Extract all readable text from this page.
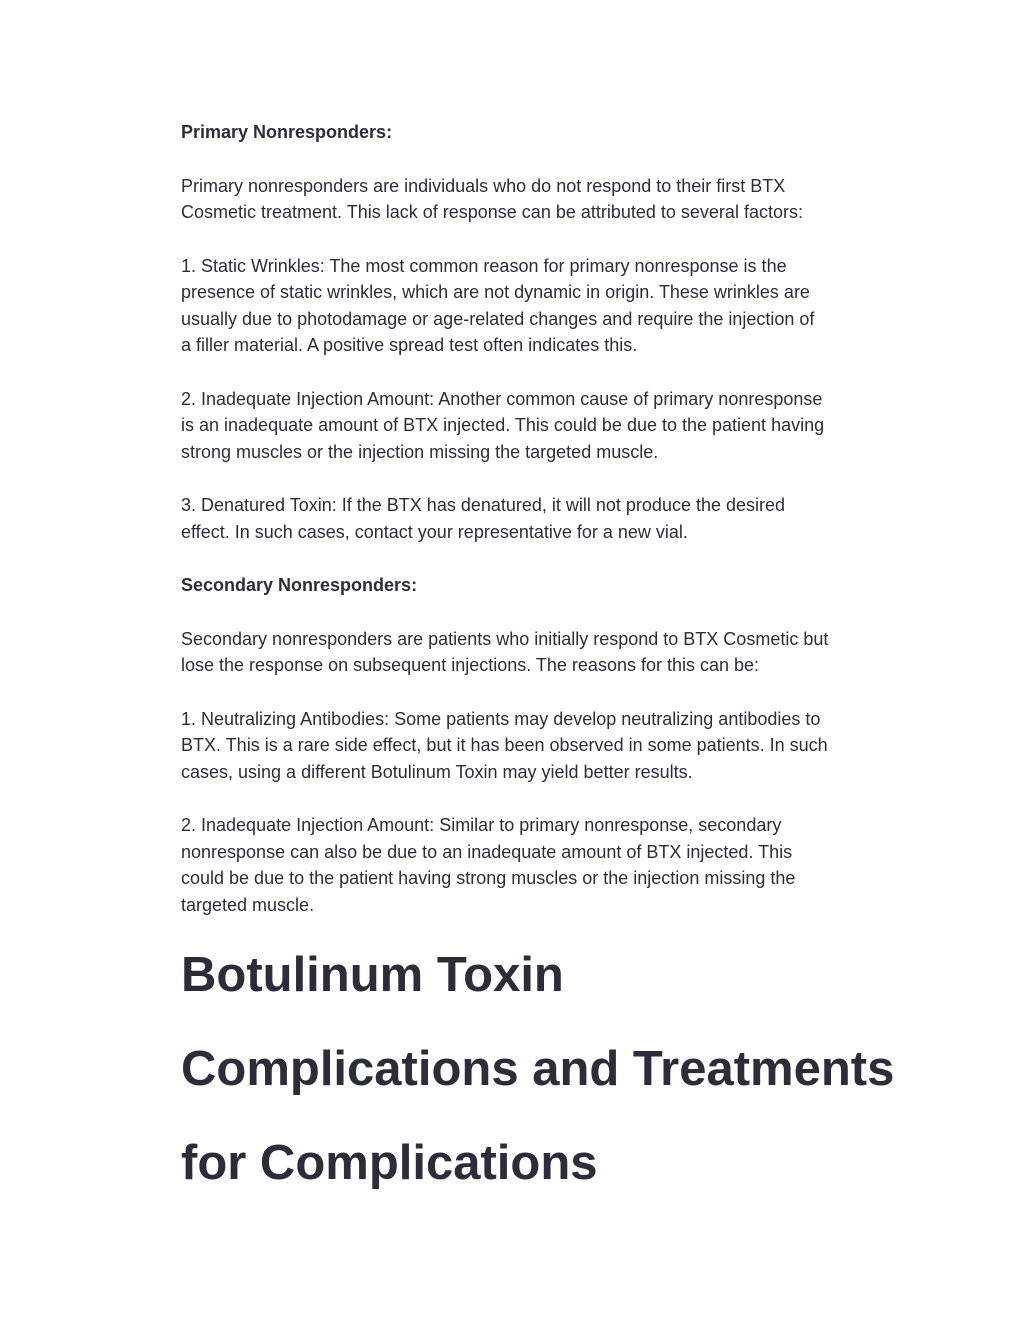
Primary Nonresponders:

Primary nonresponders are individuals who do not respond to their first BTX
Cosmetic treatment. This lack of response can be attributed to several factors:

1. Static Wrinkles: The most common reason for primary nonresponse is the
presence of static wrinkles, which are not dynamic in origin. These wrinkles are
usually due to photodamage or age-related changes and require the injection of
a filler material. A positive spread test often indicates this.

2. Inadequate Injection Amount: Another common cause of primary nonresponse
is an inadequate amount of BTX injected. This could be due to the patient having
strong muscles or the injection missing the targeted muscle.

3. Denatured Toxin: If the BTX has denatured, it will not produce the desired
effect. In such cases, contact your representative for a new vial.

Secondary Nonresponders:

Secondary nonresponders are patients who initially respond to BTX Cosmetic but
lose the response on subsequent injections. The reasons for this can be:

1. Neutralizing Antibodies: Some patients may develop neutralizing antibodies to
BTX. This is a rare side effect, but it has been observed in some patients. In such
cases, using a different Botulinum Toxin may yield better results.

2. Inadequate Injection Amount: Similar to primary nonresponse, secondary
nonresponse can also be due to an inadequate amount of BTX injected. This
could be due to the patient having strong muscles or the injection missing the
targeted muscle.

Botulinum Toxin
Complications and Treatments
for Complications
